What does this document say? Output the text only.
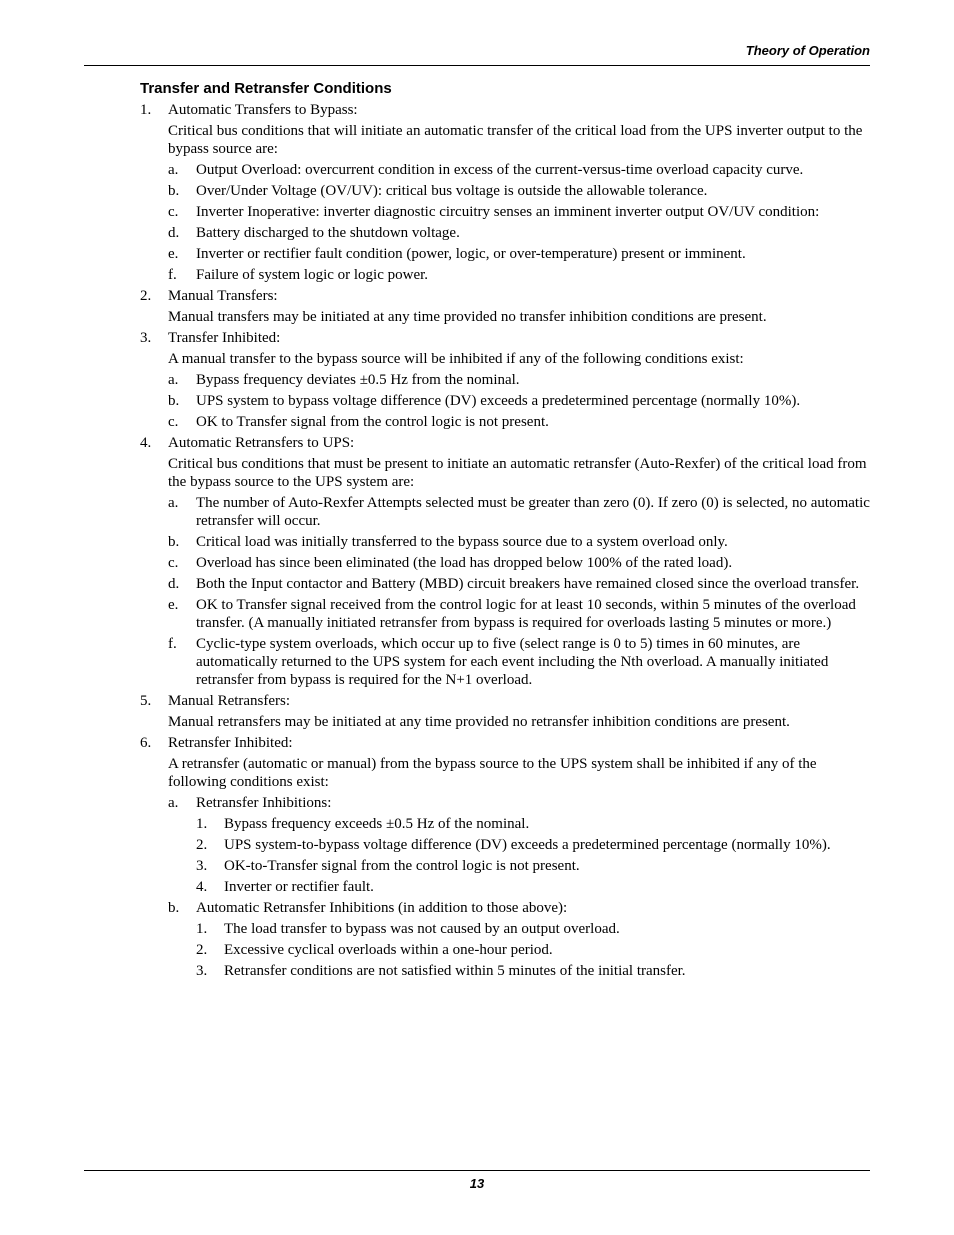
Theory of Operation
Transfer and Retransfer Conditions
1.	Automatic Transfers to Bypass:
Critical bus conditions that will initiate an automatic transfer of the critical load from the UPS inverter output to the bypass source are:
a.	Output Overload: overcurrent condition in excess of the current-versus-time overload capacity curve.
b.	Over/Under Voltage (OV/UV): critical bus voltage is outside the allowable tolerance.
c.	Inverter Inoperative: inverter diagnostic circuitry senses an imminent inverter output OV/UV condition:
d.	Battery discharged to the shutdown voltage.
e.	Inverter or rectifier fault condition (power, logic, or over-temperature) present or imminent.
f.	Failure of system logic or logic power.
2.	Manual Transfers:
Manual transfers may be initiated at any time provided no transfer inhibition conditions are present.
3.	Transfer Inhibited:
A manual transfer to the bypass source will be inhibited if any of the following conditions exist:
a.	Bypass frequency deviates ±0.5 Hz from the nominal.
b.	UPS system to bypass voltage difference (DV) exceeds a predetermined percentage (normally 10%).
c.	OK to Transfer signal from the control logic is not present.
4.	Automatic Retransfers to UPS:
Critical bus conditions that must be present to initiate an automatic retransfer (Auto-Rexfer) of the critical load from the bypass source to the UPS system are:
a.	The number of Auto-Rexfer Attempts selected must be greater than zero (0). If zero (0) is selected, no automatic retransfer will occur.
b.	Critical load was initially transferred to the bypass source due to a system overload only.
c.	Overload has since been eliminated (the load has dropped below 100% of the rated load).
d.	Both the Input contactor and Battery (MBD) circuit breakers have remained closed since the overload transfer.
e.	OK to Transfer signal received from the control logic for at least 10 seconds, within 5 minutes of the overload transfer. (A manually initiated retransfer from bypass is required for overloads lasting 5 minutes or more.)
f.	Cyclic-type system overloads, which occur up to five (select range is 0 to 5) times in 60 minutes, are automatically returned to the UPS system for each event including the Nth overload. A manually initiated retransfer from bypass is required for the N+1 overload.
5.	Manual Retransfers:
Manual retransfers may be initiated at any time provided no retransfer inhibition conditions are present.
6.	Retransfer Inhibited:
A retransfer (automatic or manual) from the bypass source to the UPS system shall be inhibited if any of the following conditions exist:
a.	Retransfer Inhibitions:
1.	Bypass frequency exceeds ±0.5 Hz of the nominal.
2.	UPS system-to-bypass voltage difference (DV) exceeds a predetermined percentage (normally 10%).
3.	OK-to-Transfer signal from the control logic is not present.
4.	Inverter or rectifier fault.
b.	Automatic Retransfer Inhibitions (in addition to those above):
1.	The load transfer to bypass was not caused by an output overload.
2.	Excessive cyclical overloads within a one-hour period.
3.	Retransfer conditions are not satisfied within 5 minutes of the initial transfer.
13
